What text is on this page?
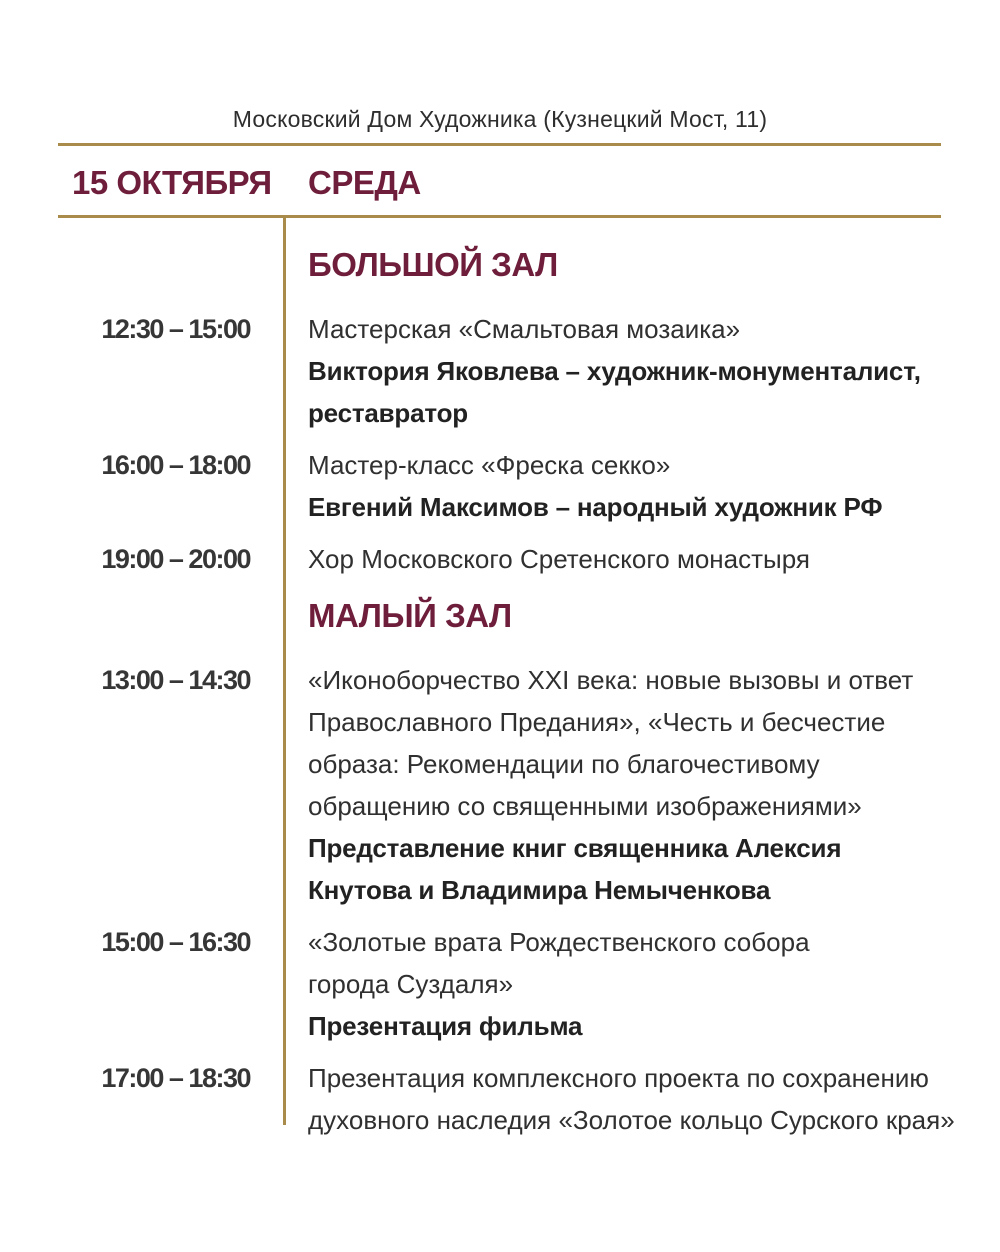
Московский Дом Художника (Кузнецкий Мост, 11)
15 ОКТЯБРЯ СРЕДА
БОЛЬШОЙ ЗАЛ
12:30 – 15:00	Мастерская «Смальтовая мозаика»
Виктория Яковлева – художник-монументалист,
реставратор
16:00 – 18:00	Мастер-класс «Фреска секко»
Евгений Максимов – народный художник РФ
19:00 – 20:00	Хор Московского Сретенского монастыря
МАЛЫЙ ЗАЛ
13:00 – 14:30	«Иконоборчество XXI века: новые вызовы и ответ
Православного Предания», «Честь и бесчестие
образа: Рекомендации по благочестивому
обращению со священными изображениями»
Представление книг священника Алексия
Кнутова и Владимира Немыченкова
15:00 – 16:30	«Золотые врата Рождественского собора
города Суздаля»
Презентация фильма
17:00 – 18:30	Презентация комплексного проекта по сохранению
духовного наследия «Золотое кольцо Сурского края»
